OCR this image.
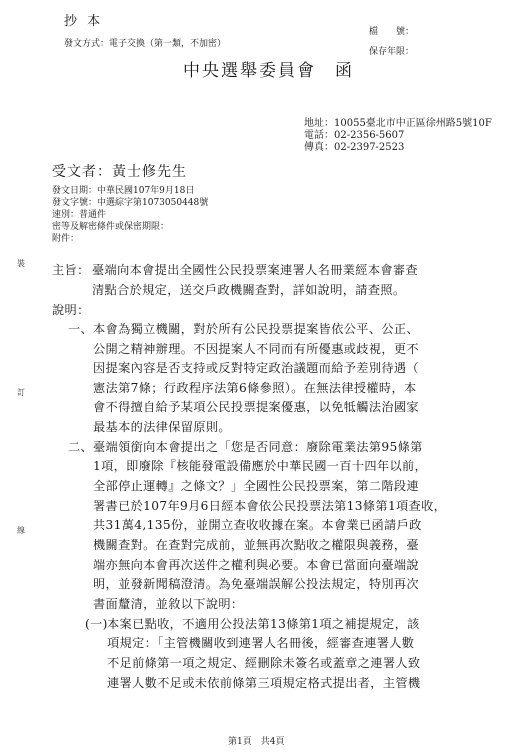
抄 本
發文方式：電子交換（第一類，不加密）
檔　　號：
保存年限：
中央選舉委員會　函
地址：10055臺北市中正區徐州路5號10F
電話：02-2356-5607
傳真：02-2397-2523
受文者：黃士修先生
發文日期：中華民國107年9月18日
發文字號：中選綜字第1073050448號
速別：普通件
密等及解密條件或保密期限：
附件：
裝
訂
線
主旨： 臺端向本會提出全國性公民投票案連署人名冊業經本會審查
清點合於規定，送交戶政機關查對，詳如說明，請查照。
說明：
一、 本會為獨立機關，對於所有公民投票提案皆依公平、公正、
公開之精神辦理。不因提案人不同而有所優惠或歧視，更不
因提案內容是否支持或反對特定政治議題而給予差別待遇（
憲法第7條；行政程序法第6條參照）。在無法律授權時，本
會不得擅自給予某項公民投票提案優惠，以免牴觸法治國家
最基本的法律保留原則。
二、 臺端領銜向本會提出之「您是否同意：廢除電業法第95條第
1項，即廢除『核能發電設備應於中華民國一百十四年以前，
全部停止運轉』之條文？」全國性公民投票案，第二階段連
署書已於107年9月6日經本會依公民投票法第13條第1項查收，
共31萬4,135份，並開立查收收據在案。本會業已函請戶政
機關查對。在查對完成前，並無再次點收之權限與義務，臺
端亦無向本會再次送件之權利與必要。本會已當面向臺端說
明，並發新聞稿澄清。為免臺端誤解公投法規定，特別再次
書面釐清，並敘以下說明：
(一) 本案已點收，不適用公投法第13條第1項之補提規定，該
項規定：「主管機關收到連署人名冊後，經審查連署人數
不足前條第一項之規定、經刪除未簽名或蓋章之連署人致
連署人數不足或未依前條第三項規定格式提出者，主管機
第1頁　共4頁
